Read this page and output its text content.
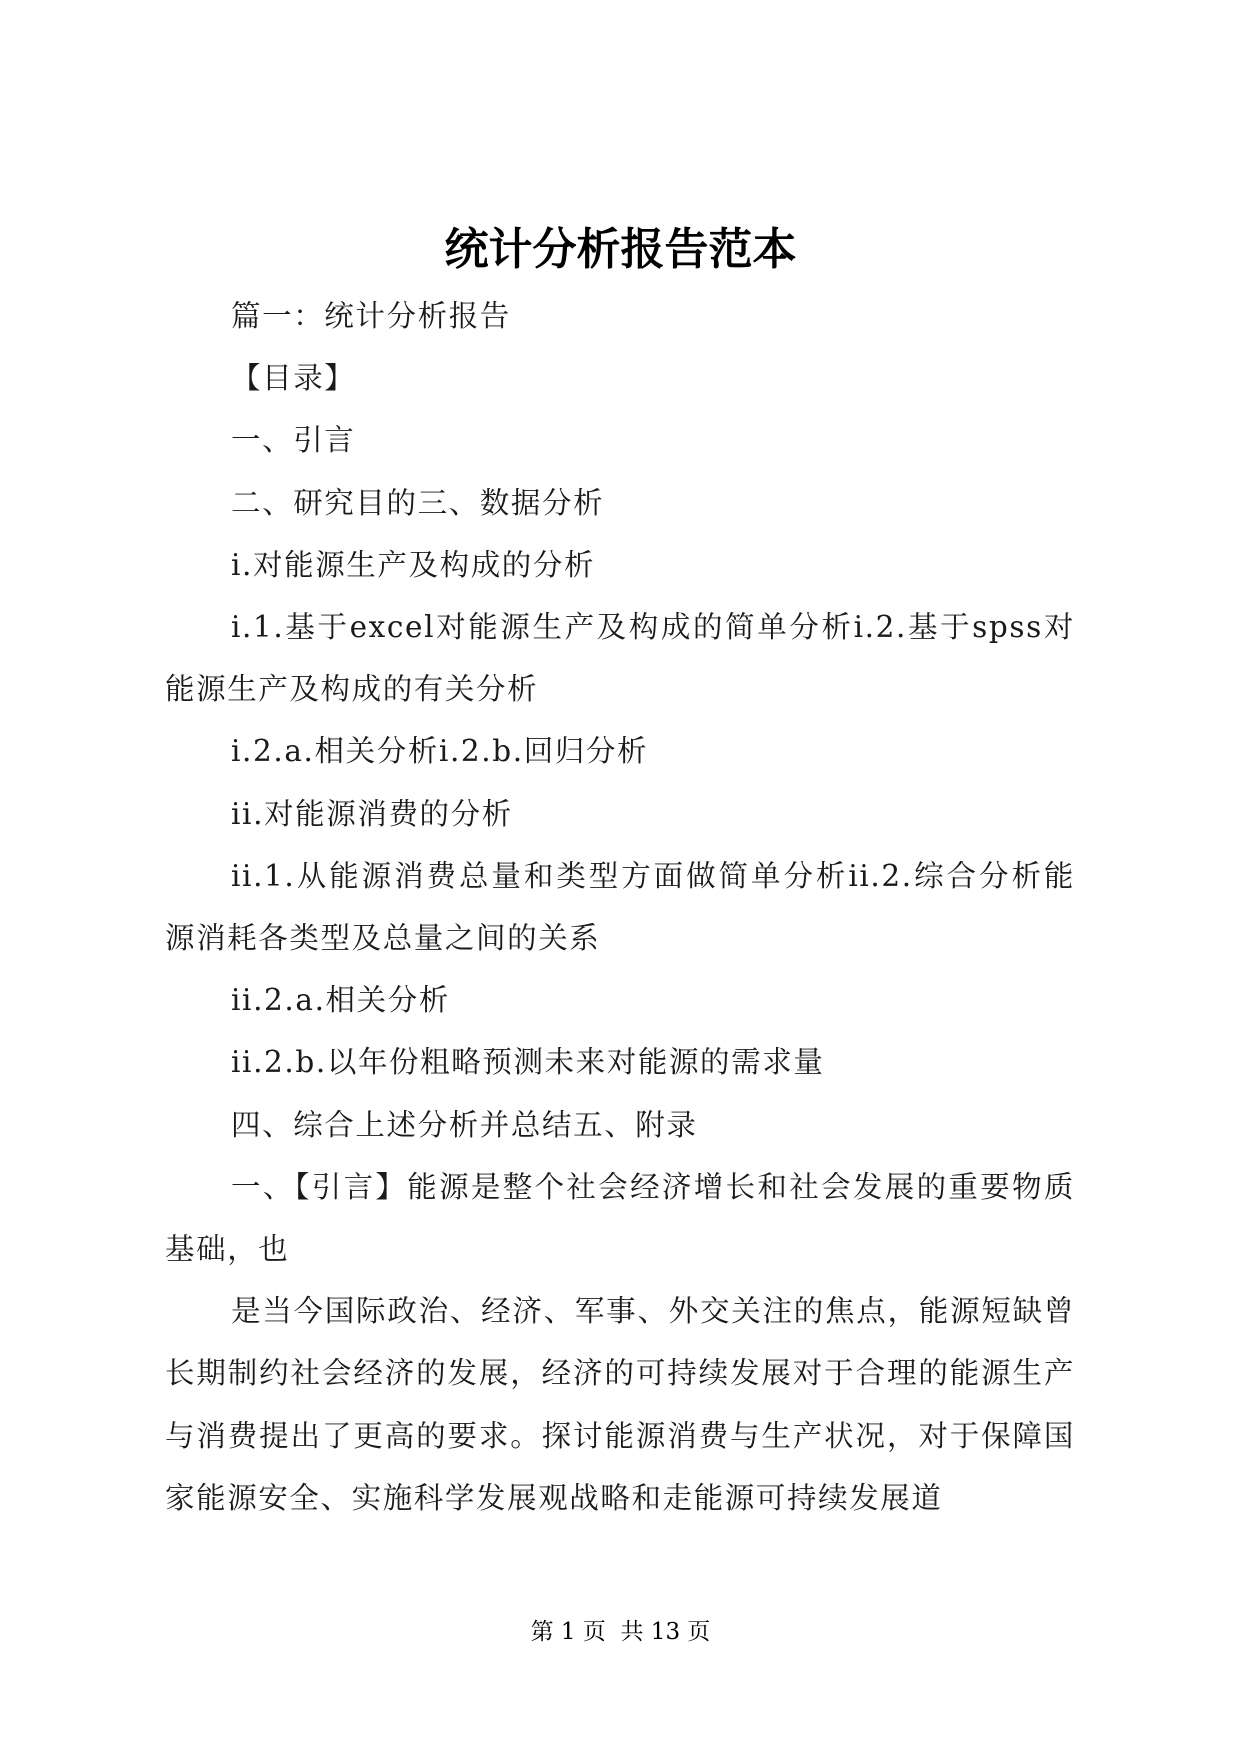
统计分析报告范本

篇一：统计分析报告

【目录】

一、引言

二、研究目的三、数据分析

i.对能源生产及构成的分析

i.1.基于excel对能源生产及构成的简单分析i.2.基于spss对能源生产及构成的有关分析

i.2.a.相关分析i.2.b.回归分析

ii.对能源消费的分析

ii.1.从能源消费总量和类型方面做简单分析ii.2.综合分析能源消耗各类型及总量之间的关系

ii.2.a.相关分析

ii.2.b.以年份粗略预测未来对能源的需求量

四、综合上述分析并总结五、附录

一、【引言】能源是整个社会经济增长和社会发展的重要物质基础，也

是当今国际政治、经济、军事、外交关注的焦点，能源短缺曾长期制约社会经济的发展，经济的可持续发展对于合理的能源生产与消费提出了更高的要求。探讨能源消费与生产状况，对于保障国家能源安全、实施科学发展观战略和走能源可持续发展道

第 1 页 共 13 页
